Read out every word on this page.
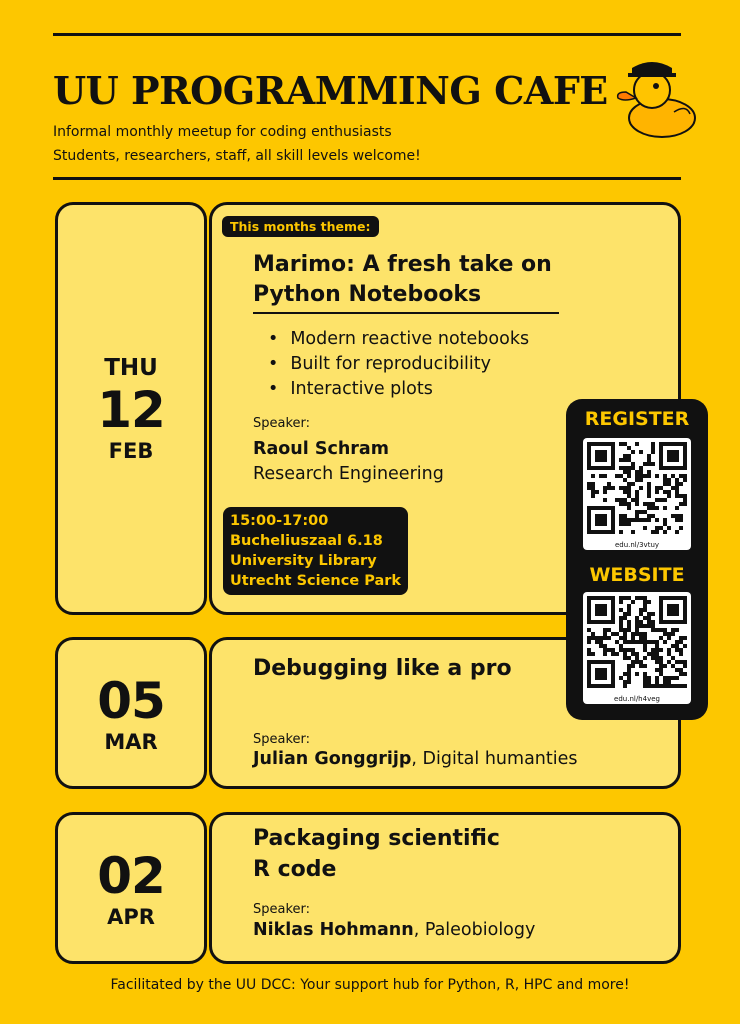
UU PROGRAMMING CAFE
Informal monthly meetup for coding enthusiasts
Students, researchers, staff, all skill levels welcome!
THU
12
FEB
This months theme:
Marimo: A fresh take on
Python Notebooks
• Modern reactive notebooks
• Built for reproducibility
• Interactive plots
Speaker:
Raoul Schram
Research Engineering
15:00-17:00
Bucheliuszaal 6.18
University Library
Utrecht Science Park
05
MAR
Debugging like a pro
Speaker:
Julian Gonggrijp, Digital humanties
02
APR
Packaging scientific
R code
Speaker:
Niklas Hohmann, Paleobiology
REGISTER
edu.nl/3vtuy
WEBSITE
edu.nl/h4veg
Facilitated by the UU DCC: Your support hub for Python, R, HPC and more!
